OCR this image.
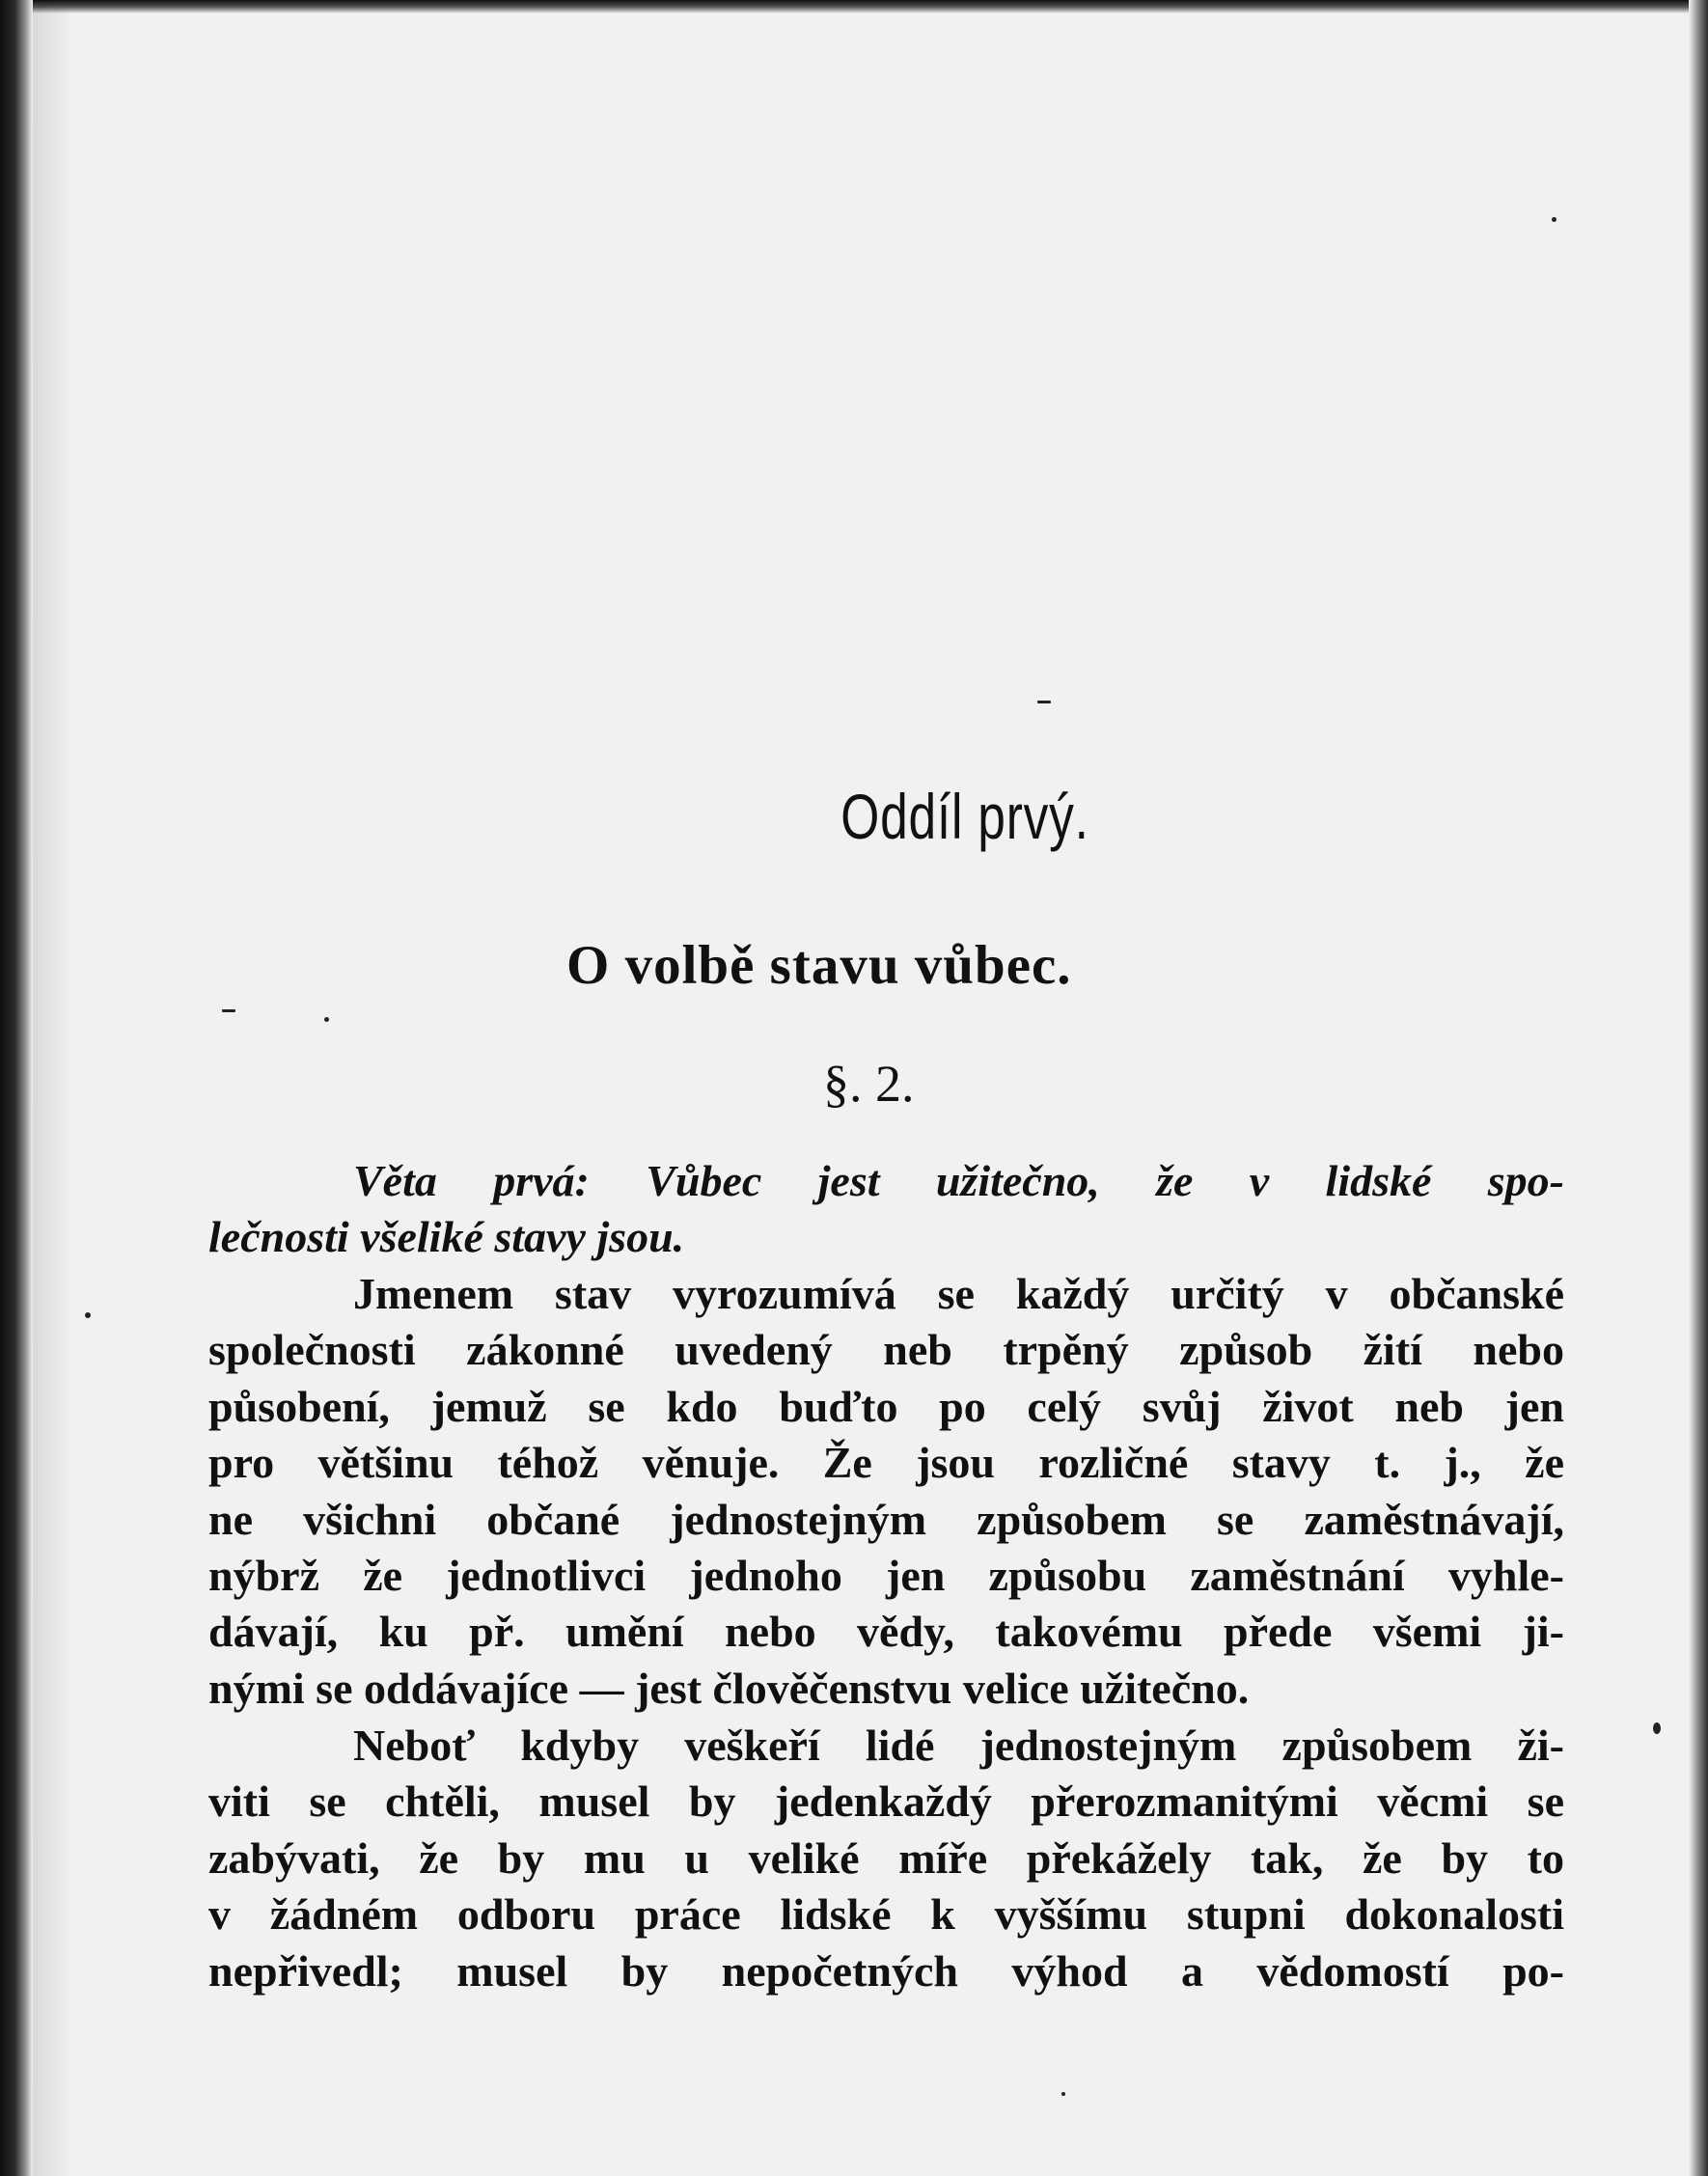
Oddíl prvý.
O volbě stavu vůbec.
§. 2.
Věta prvá: Vůbec jest užitečno, že v lidské spo-
lečnosti všeliké stavy jsou.
Jmenem stav vyrozumívá se každý určitý v občanské
společnosti zákonné uvedený neb trpěný způsob žití nebo
působení, jemuž se kdo buďto po celý svůj život neb jen
pro většinu téhož věnuje. Že jsou rozličné stavy t. j., že
ne všichni občané jednostejným způsobem se zaměstnávají,
nýbrž že jednotlivci jednoho jen způsobu zaměstnání vyhle-
dávají, ku př. umění nebo vědy, takovému přede všemi ji-
nými se oddávajíce — jest člověčenstvu velice užitečno.
Neboť kdyby veškeří lidé jednostejným způsobem ži-
viti se chtěli, musel by jedenkaždý přerozmanitými věcmi se
zabývati, že by mu u veliké míře překážely tak, že by to
v žádném odboru práce lidské k vyššímu stupni dokonalosti
nepřivedl; musel by nepočetných výhod a vědomostí po-
